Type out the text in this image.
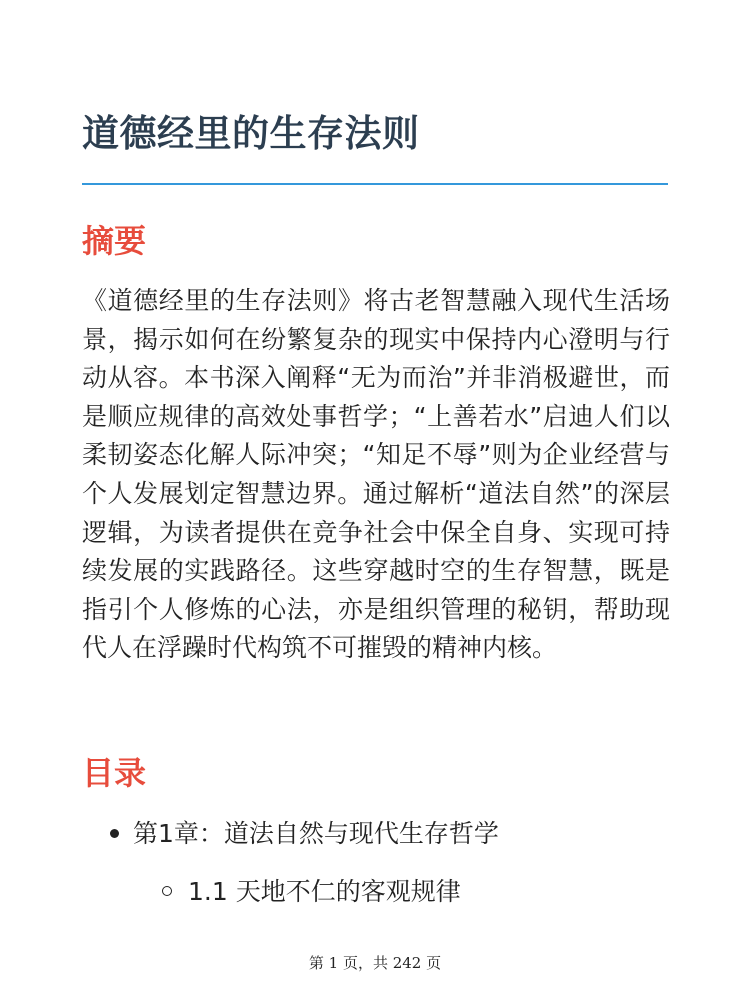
道德经里的生存法则
摘要

《道德经里的生存法则》将古老智慧融入现代生活场景，揭示如何在纷繁复杂的现实中保持内心澄明与行动从容。本书深入阐释“无为而治”并非消极避世，而是顺应规律的高效处事哲学；“上善若水”启迪人们以柔韧姿态化解人际冲突；“知足不辱”则为企业经营与个人发展划定智慧边界。通过解析“道法自然”的深层逻辑，为读者提供在竞争社会中保全自身、实现可持续发展的实践路径。这些穿越时空的生存智慧，既是指引个人修炼的心法，亦是组织管理的秘钥，帮助现代人在浮躁时代构筑不可摧毁的精神内核。

目录
第1章：道法自然与现代生存哲学
1.1 天地不仁的客观规律
第 1 页，共 242 页
